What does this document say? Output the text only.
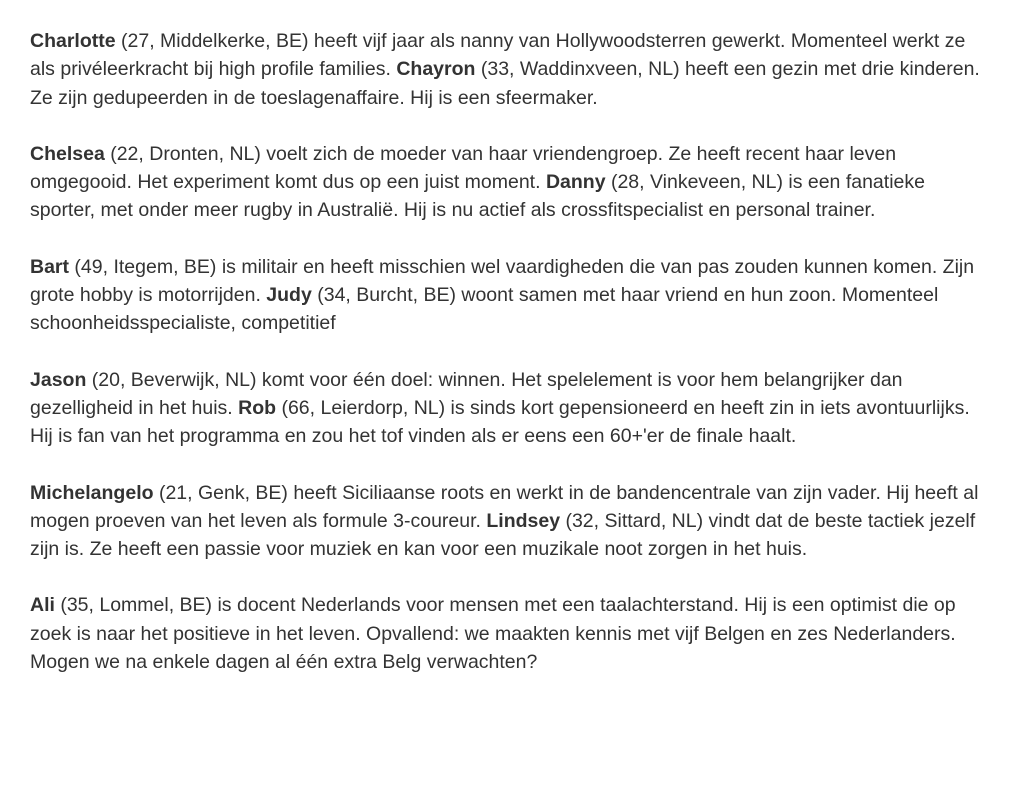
Charlotte (27, Middelkerke, BE) heeft vijf jaar als nanny van Hollywoodsterren gewerkt. Momenteel werkt ze als privéleerkracht bij high profile families. Chayron (33, Waddinxveen, NL) heeft een gezin met drie kinderen. Ze zijn gedupeerden in de toeslagenaffaire. Hij is een sfeermaker.

Chelsea (22, Dronten, NL) voelt zich de moeder van haar vriendengroep. Ze heeft recent haar leven omgegooid. Het experiment komt dus op een juist moment. Danny (28, Vinkeveen, NL) is een fanatieke sporter, met onder meer rugby in Australië. Hij is nu actief als crossfitspecialist en personal trainer.

Bart (49, Itegem, BE) is militair en heeft misschien wel vaardigheden die van pas zouden kunnen komen. Zijn grote hobby is motorrijden. Judy (34, Burcht, BE) woont samen met haar vriend en hun zoon. Momenteel schoonheidsspecialiste, competitief

Jason (20, Beverwijk, NL) komt voor één doel: winnen. Het spelelement is voor hem belangrijker dan gezelligheid in het huis. Rob (66, Leierdorp, NL) is sinds kort gepensioneerd en heeft zin in iets avontuurlijks. Hij is fan van het programma en zou het tof vinden als er eens een 60+'er de finale haalt.

Michelangelo (21, Genk, BE) heeft Siciliaanse roots en werkt in de bandencentrale van zijn vader. Hij heeft al mogen proeven van het leven als formule 3-coureur. Lindsey (32, Sittard, NL) vindt dat de beste tactiek jezelf zijn is. Ze heeft een passie voor muziek en kan voor een muzikale noot zorgen in het huis.

Ali (35, Lommel, BE) is docent Nederlands voor mensen met een taalachterstand. Hij is een optimist die op zoek is naar het positieve in het leven. Opvallend: we maakten kennis met vijf Belgen en zes Nederlanders. Mogen we na enkele dagen al één extra Belg verwachten?
